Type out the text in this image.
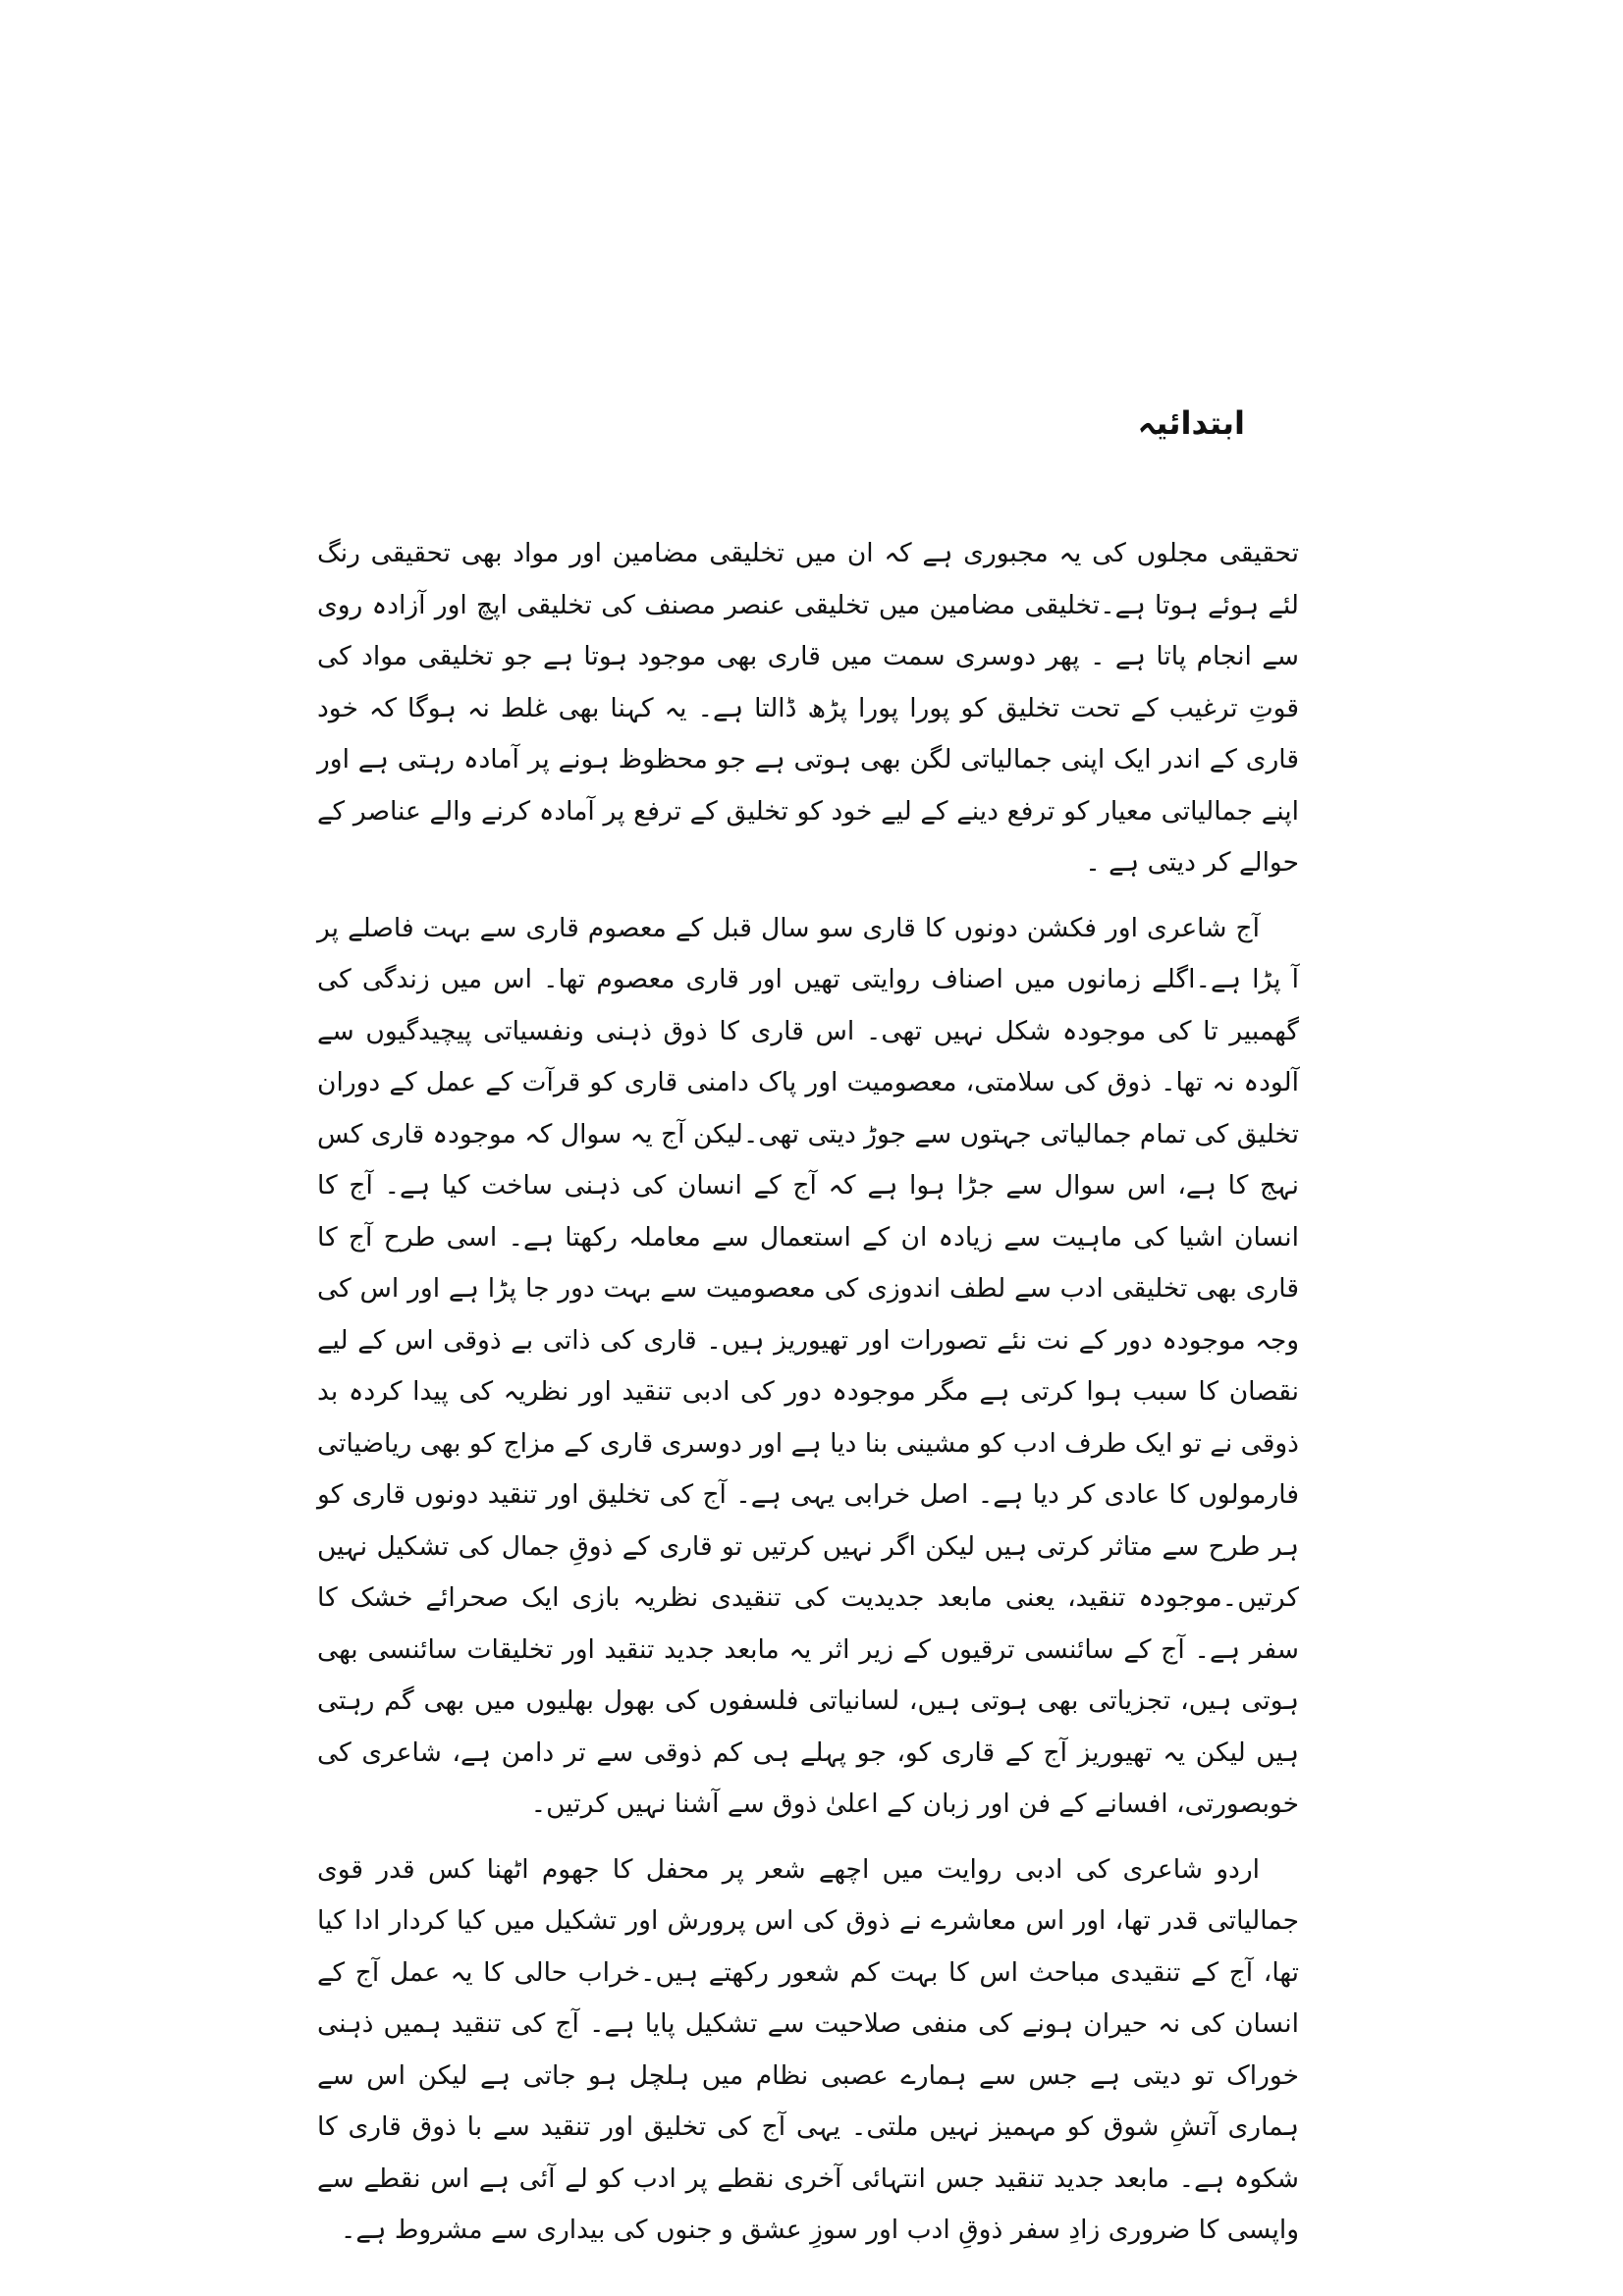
ابتدائیہ

تحقیقی مجلوں کی یہ مجبوری ہے کہ ان میں تخلیقی مضامین اور مواد بھی تحقیقی رنگ لئے ہوئے ہوتا ہے۔تخلیقی مضامین میں تخلیقی عنصر مصنف کی تخلیقی اپچ اور آزادہ روی سے انجام پاتا ہے ۔ پھر دوسری سمت میں قاری بھی موجود ہوتا ہے جو تخلیقی مواد کی قوتِ ترغیب کے تحت تخلیق کو پورا پورا پڑھ ڈالتا ہے۔ یہ کہنا بھی غلط نہ ہوگا کہ خود قاری کے اندر ایک اپنی جمالیاتی لگن بھی ہوتی ہے جو محظوظ ہونے پر آمادہ رہتی ہے اور اپنے جمالیاتی معیار کو ترفع دینے کے لیے خود کو تخلیق کے ترفع پر آمادہ کرنے والے عناصر کے حوالے کر دیتی ہے ۔

آج شاعری اور فکشن دونوں کا قاری سو سال قبل کے معصوم قاری سے بہت فاصلے پر آ پڑا ہے۔اگلے زمانوں میں اصناف روایتی تھیں اور قاری معصوم تھا۔ اس میں زندگی کی گھمبیر تا کی موجودہ شکل نہیں تھی۔ اس قاری کا ذوق ذہنی ونفسیاتی پیچیدگیوں سے آلودہ نہ تھا۔ ذوق کی سلامتی، معصومیت اور پاک دامنی قاری کو قرآت کے عمل کے دوران تخلیق کی تمام جمالیاتی جہتوں سے جوڑ دیتی تھی۔لیکن آج یہ سوال کہ موجودہ قاری کس نہج کا ہے، اس سوال سے جڑا ہوا ہے کہ آج کے انسان کی ذہنی ساخت کیا ہے۔ آج کا انسان اشیا کی ماہیت سے زیادہ ان کے استعمال سے معاملہ رکھتا ہے۔ اسی طرح آج کا قاری بھی تخلیقی ادب سے لطف اندوزی کی معصومیت سے بہت دور جا پڑا ہے اور اس کی وجہ موجودہ دور کے نت نئے تصورات اور تھیوریز ہیں۔ قاری کی ذاتی بے ذوقی اس کے لیے نقصان کا سبب ہوا کرتی ہے مگر موجودہ دور کی ادبی تنقید اور نظریہ کی پیدا کردہ بد ذوقی نے تو ایک طرف ادب کو مشینی بنا دیا ہے اور دوسری قاری کے مزاج کو بھی ریاضیاتی فارمولوں کا عادی کر دیا ہے۔ اصل خرابی یہی ہے۔ آج کی تخلیق اور تنقید دونوں قاری کو ہر طرح سے متاثر کرتی ہیں لیکن اگر نہیں کرتیں تو قاری کے ذوقِ جمال کی تشکیل نہیں کرتیں۔موجودہ تنقید، یعنی مابعد جدیدیت کی تنقیدی نظریہ بازی ایک صحرائے خشک کا سفر ہے۔ آج کے سائنسی ترقیوں کے زیر اثر یہ مابعد جدید تنقید اور تخلیقات سائنسی بھی ہوتی ہیں، تجزیاتی بھی ہوتی ہیں، لسانیاتی فلسفوں کی بھول بھلیوں میں بھی گم رہتی ہیں لیکن یہ تھیوریز آج کے قاری کو، جو پہلے ہی کم ذوقی سے تر دامن ہے، شاعری کی خوبصورتی، افسانے کے فن اور زبان کے اعلیٰ ذوق سے آشنا نہیں کرتیں۔

اردو شاعری کی ادبی روایت میں اچھے شعر پر محفل کا جھوم اٹھنا کس قدر قوی جمالیاتی قدر تھا، اور اس معاشرے نے ذوق کی اس پرورش اور تشکیل میں کیا کردار ادا کیا تھا، آج کے تنقیدی مباحث اس کا بہت کم شعور رکھتے ہیں۔خراب حالی کا یہ عمل آج کے انسان کی نہ حیران ہونے کی منفی صلاحیت سے تشکیل پایا ہے۔ آج کی تنقید ہمیں ذہنی خوراک تو دیتی ہے جس سے ہمارے عصبی نظام میں ہلچل ہو جاتی ہے لیکن اس سے ہماری آتشِ شوق کو مہمیز نہیں ملتی۔ یہی آج کی تخلیق اور تنقید سے با ذوق قاری کا شکوہ ہے۔ مابعد جدید تنقید جس انتہائی آخری نقطے پر ادب کو لے آئی ہے اس نقطے سے واپسی کا ضروری زادِ سفر ذوقِ ادب اور سوزِ عشق و جنوں کی بیداری سے مشروط ہے۔
